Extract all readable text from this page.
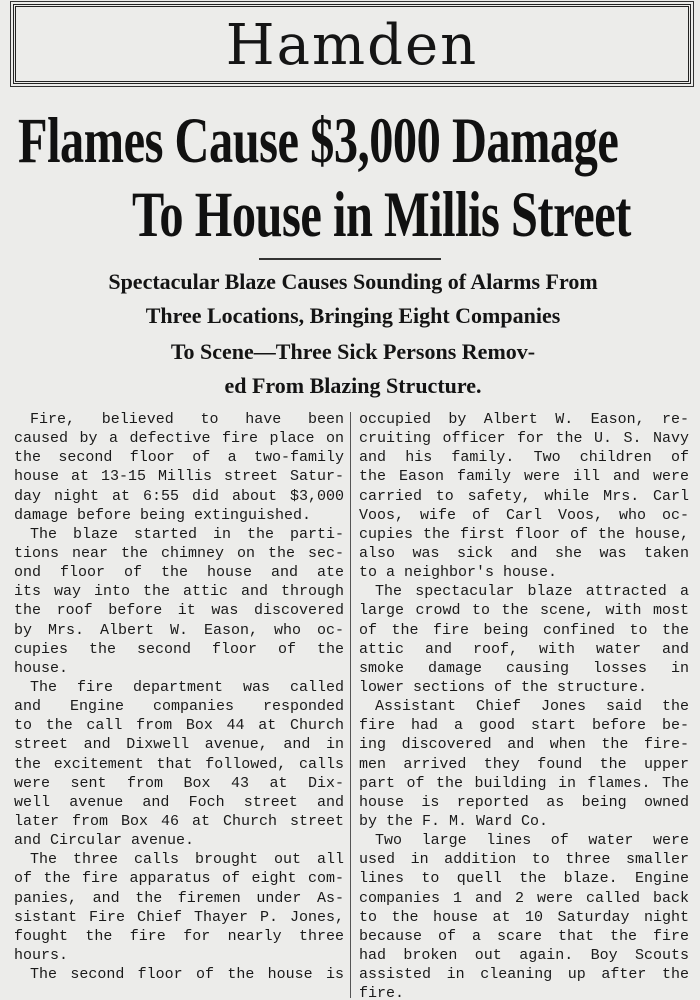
Hamden
Flames Cause $3,000 Damage
To House in Millis Street
Spectacular Blaze Causes Sounding of Alarms From
Three Locations, Bringing Eight Companies
To Scene—Three Sick Persons Remov-
ed From Blazing Structure.
Fire, believed to have been
caused by a defective fire place on
the second floor of a two-family
house at 13-15 Millis street Satur-
day night at 6:55 did about $3,000
damage before being extinguished.
The blaze started in the parti-
tions near the chimney on the sec-
ond floor of the house and ate
its way into the attic and through
the roof before it was discovered
by Mrs. Albert W. Eason, who oc-
cupies the second floor of the
house.
The fire department was called
and Engine companies responded
to the call from Box 44 at Church
street and Dixwell avenue, and in
the excitement that followed, calls
were sent from Box 43 at Dix-
well avenue and Foch street and
later from Box 46 at Church street
and Circular avenue.
The three calls brought out all
of the fire apparatus of eight com-
panies, and the firemen under As-
sistant Fire Chief Thayer P. Jones,
fought the fire for nearly three
hours.
The second floor of the house is
occupied by Albert W. Eason, re-
cruiting officer for the U. S. Navy
and his family. Two children of
the Eason family were ill and were
carried to safety, while Mrs. Carl
Voos, wife of Carl Voos, who oc-
cupies the first floor of the house,
also was sick and she was taken
to a neighbor's house.
The spectacular blaze attracted a
large crowd to the scene, with most
of the fire being confined to the
attic and roof, with water and
smoke damage causing losses in
lower sections of the structure.
Assistant Chief Jones said the
fire had a good start before be-
ing discovered and when the fire-
men arrived they found the upper
part of the building in flames. The
house is reported as being owned
by the F. M. Ward Co.
Two large lines of water were
used in addition to three smaller
lines to quell the blaze. Engine
companies 1 and 2 were called back
to the house at 10 Saturday night
because of a scare that the fire
had broken out again. Boy Scouts
assisted in cleaning up after the
fire.
